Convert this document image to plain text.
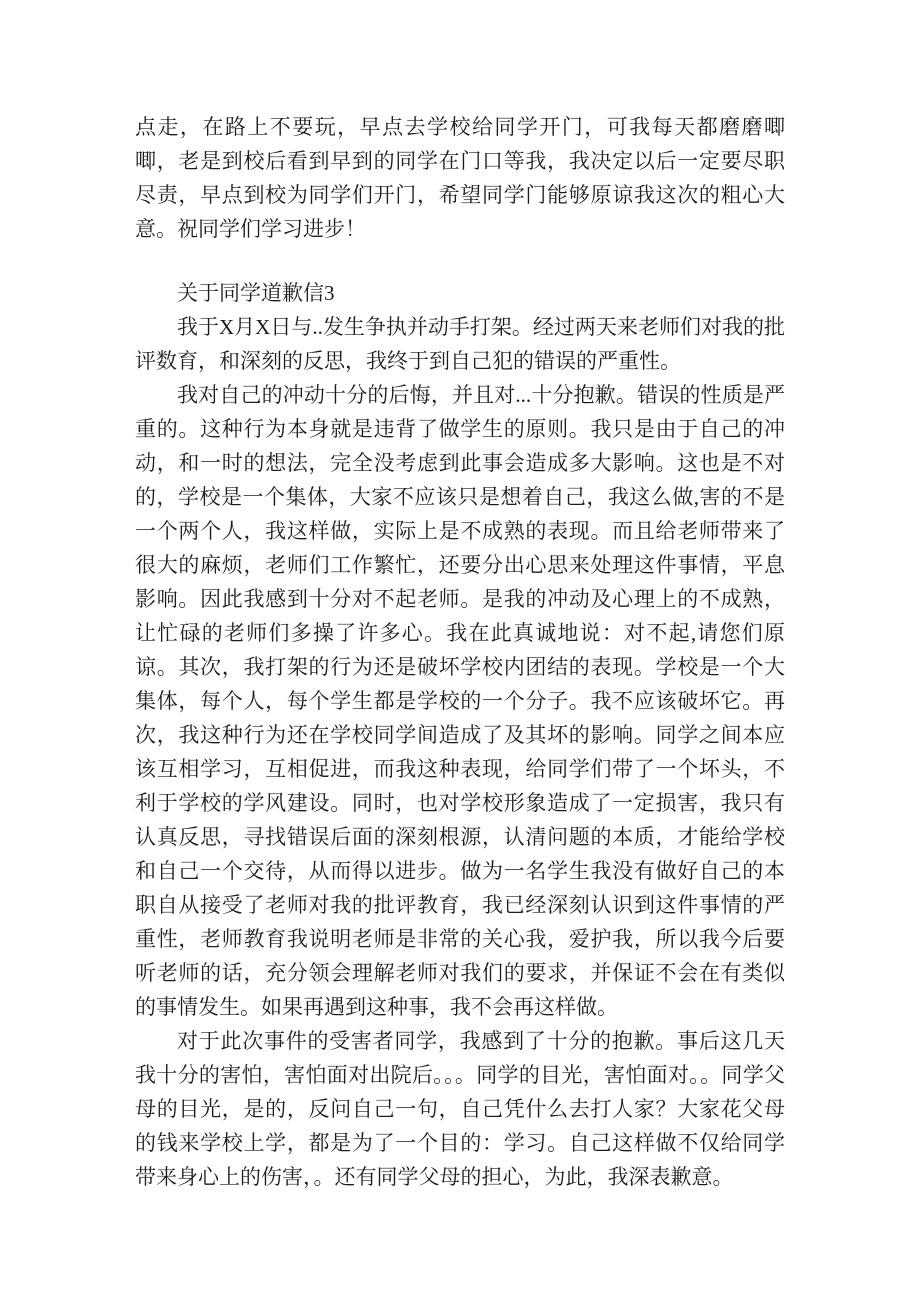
点走，在路上不要玩，早点去学校给同学开门，可我每天都磨磨唧唧，老是到校后看到早到的同学在门口等我，我决定以后一定要尽职尽责，早点到校为同学们开门，希望同学门能够原谅我这次的粗心大意。祝同学们学习进步！

关于同学道歉信3

我于X月X日与..发生争执并动手打架。经过两天来老师们对我的批评数育，和深刻的反思，我终于到自己犯的错误的严重性。

我对自己的冲动十分的后悔，并且对...十分抱歉。错误的性质是严重的。这种行为本身就是违背了做学生的原则。我只是由于自己的冲动，和一时的想法，完全没考虑到此事会造成多大影响。这也是不对的，学校是一个集体，大家不应该只是想着自己，我这么做,害的不是一个两个人，我这样做，实际上是不成熟的表现。而且给老师带来了很大的麻烦，老师们工作繁忙，还要分出心思来处理这件事情，平息影响。因此我感到十分对不起老师。是我的冲动及心理上的不成熟，让忙碌的老师们多操了许多心。我在此真诚地说：对不起,请您们原谅。其次，我打架的行为还是破坏学校内团结的表现。学校是一个大集体，每个人，每个学生都是学校的一个分子。我不应该破坏它。再次，我这种行为还在学校同学间造成了及其坏的影响。同学之间本应该互相学习，互相促进，而我这种表现，给同学们带了一个坏头，不利于学校的学风建设。同时，也对学校形象造成了一定损害，我只有认真反思，寻找错误后面的深刻根源，认清问题的本质，才能给学校和自己一个交待，从而得以进步。做为一名学生我没有做好自己的本职自从接受了老师对我的批评教育，我已经深刻认识到这件事情的严重性，老师教育我说明老师是非常的关心我，爱护我，所以我今后要听老师的话，充分领会理解老师对我们的要求，并保证不会在有类似的事情发生。如果再遇到这种事，我不会再这样做。

对于此次事件的受害者同学，我感到了十分的抱歉。事后这几天我十分的害怕，害怕面对出院后。。。同学的目光，害怕面对。。同学父母的目光，是的，反问自己一句，自己凭什么去打人家？大家花父母的钱来学校上学，都是为了一个目的：学习。自己这样做不仅给同学带来身心上的伤害，。还有同学父母的担心，为此，我深表歉意。
